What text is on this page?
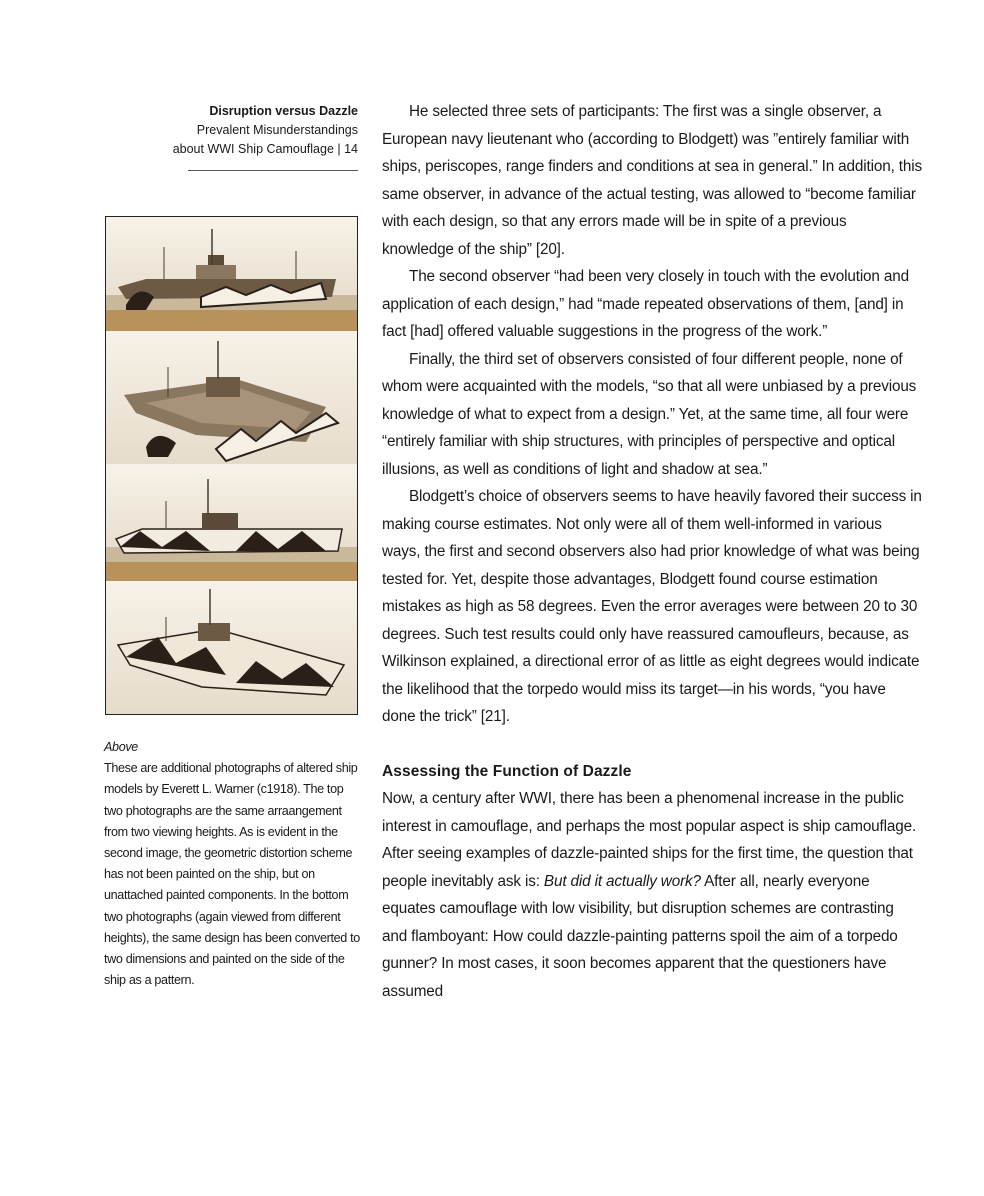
Disruption versus Dazzle
Prevalent Misunderstandings
about WWI Ship Camouflage | 14
Above
These are additional photographs of altered ship models by Everett L. Warner (c1918). The top two photographs are the same arraangement from two viewing heights. As is evident in the second image, the geometric distortion scheme has not been painted on the ship, but on unattached painted components. In the bottom two photographs (again viewed from different heights), the same design has been converted to two dimensions and painted on the side of the ship as a pattern.

He selected three sets of participants: The first was a single observer, a European navy lieutenant who (according to Blodgett) was ”entirely familiar with ships, periscopes, range finders and conditions at sea in general.” In addition, this same observer, in advance of the actual testing, was allowed to “become familiar with each design, so that any errors made will be in spite of a previous knowledge of the ship” [20].

The second observer “had been very closely in touch with the evolution and application of each design,” had “made repeated observations of them, [and] in fact [had] offered valuable suggestions in the progress of the work.”

Finally, the third set of observers consisted of four different people, none of whom were acquainted with the models, “so that all were unbiased by a previous knowledge of what to expect from a design.” Yet, at the same time, all four were “entirely familiar with ship structures, with principles of perspective and optical illusions, as well as conditions of light and shadow at sea.”

Blodgett’s choice of observers seems to have heavily favored their success in making course estimates. Not only were all of them well-informed in various ways, the first and second observers also had prior knowledge of what was being tested for. Yet, despite those advantages, Blodgett found course estimation mistakes as high as 58 degrees. Even the error averages were between 20 to 30 degrees. Such test results could only have reassured camoufleurs, because, as Wilkinson explained, a directional error of as little as eight degrees would indicate the likelihood that the torpedo would miss its target—in his words, “you have done the trick” [21].

Assessing the Function of Dazzle

Now, a century after WWI, there has been a phenomenal increase in the public interest in camouflage, and perhaps the most popular aspect is ship camouflage. After seeing examples of dazzle-painted ships for the first time, the question that people inevitably ask is: But did it actually work? After all, nearly everyone equates camouflage with low visibility, but disruption schemes are contrasting and flamboyant: How could dazzle-painting patterns spoil the aim of a torpedo gunner? In most cases, it soon becomes apparent that the questioners have assumed
